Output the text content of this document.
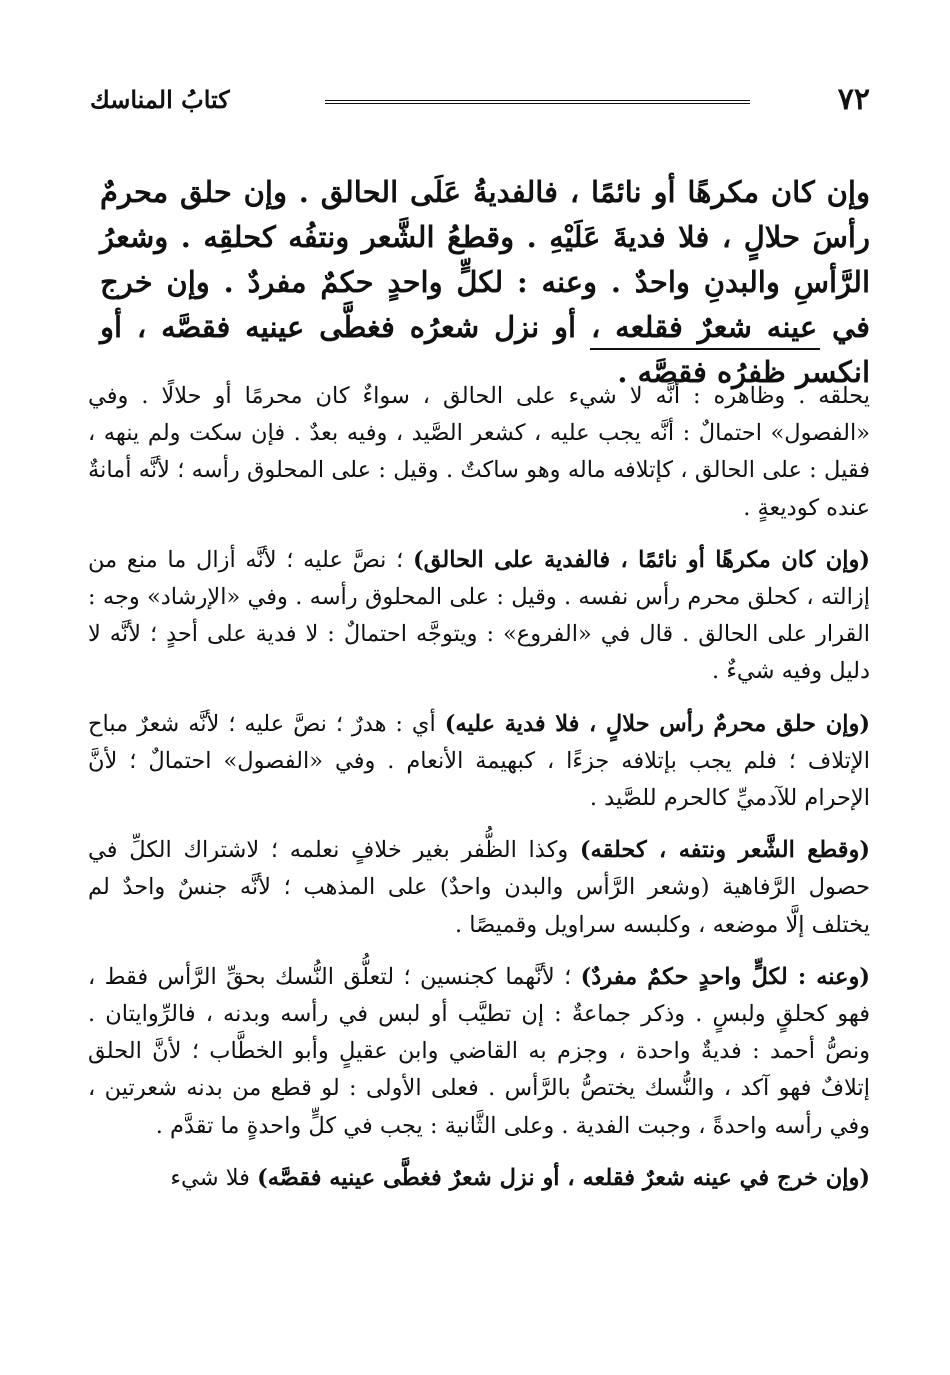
٧٢
كتابُ المناسك
وإن كان مكرهًا أو نائمًا ، فالفديةُ عَلَى الحالق . وإن حلق محرمٌ رأسَ حلالٍ ، فلا فديةَ عَلَيْهِ . وقطعُ الشَّعر ونتفُه كحلقِه . وشعرُ الرَّأسِ والبدنِ واحدٌ . وعنه : لكلٍّ واحدٍ حكمٌ مفردٌ . وإن خرج في عينه شعرٌ فقلعه ، أو نزل شعرُه فغطَّى عينيه فقصَّه ، أو انكسر ظفرُه فقصَّه .

يحلقه . وظاهره : أنَّه لا شيء على الحالق ، سواءٌ كان محرمًا أو حلالًا . وفي «الفصول» احتمالٌ : أنَّه يجب عليه ، كشعر الصَّيد ، وفيه بعدٌ . فإن سكت ولم ينهه ، فقيل : على الحالق ، كإتلافه ماله وهو ساكتٌ . وقيل : على المحلوق رأسه ؛ لأنَّه أمانةٌ عنده كوديعةٍ .

(وإن كان مكرهًا أو نائمًا ، فالفدية على الحالق) ؛ نصَّ عليه ؛ لأنَّه أزال ما منع من إزالته ، كحلق محرم رأس نفسه . وقيل : على المحلوق رأسه . وفي «الإرشاد» وجه : القرار على الحالق . قال في «الفروع» : ويتوجَّه احتمالٌ : لا فدية على أحدٍ ؛ لأنَّه لا دليل وفيه شيءٌ .

(وإن حلق محرمٌ رأس حلالٍ ، فلا فدية عليه) أي : هدرٌ ؛ نصَّ عليه ؛ لأنَّه شعرٌ مباح الإتلاف ؛ فلم يجب بإتلافه جزءًا ، كبهيمة الأنعام . وفي «الفصول» احتمالٌ ؛ لأنَّ الإحرام للآدميِّ كالحرم للصَّيد .

(وقطع الشَّعر ونتفه ، كحلقه) وكذا الظُّفر بغير خلافٍ نعلمه ؛ لاشتراك الكلِّ في حصول الرَّفاهية (وشعر الرَّأس والبدن واحدٌ) على المذهب ؛ لأنَّه جنسٌ واحدٌ لم يختلف إلَّا موضعه ، وكلبسه سراويل وقميصًا .

(وعنه : لكلٍّ واحدٍ حكمٌ مفردٌ) ؛ لأنَّهما كجنسين ؛ لتعلُّق النُّسك بحقِّ الرَّأس فقط ، فهو كحلقٍ ولبسٍ . وذكر جماعةٌ : إن تطيَّب أو لبس في رأسه وبدنه ، فالرِّوايتان . ونصُّ أحمد : فديةٌ واحدة ، وجزم به القاضي وابن عقيلٍ وأبو الخطَّاب ؛ لأنَّ الحلق إتلافٌ فهو آكد ، والنُّسك يختصُّ بالرَّأس . فعلى الأولى : لو قطع من بدنه شعرتين ، وفي رأسه واحدةً ، وجبت الفدية . وعلى الثَّانية : يجب في كلٍّ واحدةٍ ما تقدَّم .

(وإن خرج في عينه شعرٌ فقلعه ، أو نزل شعرٌ فغطَّى عينيه فقصَّه) فلا شيء
